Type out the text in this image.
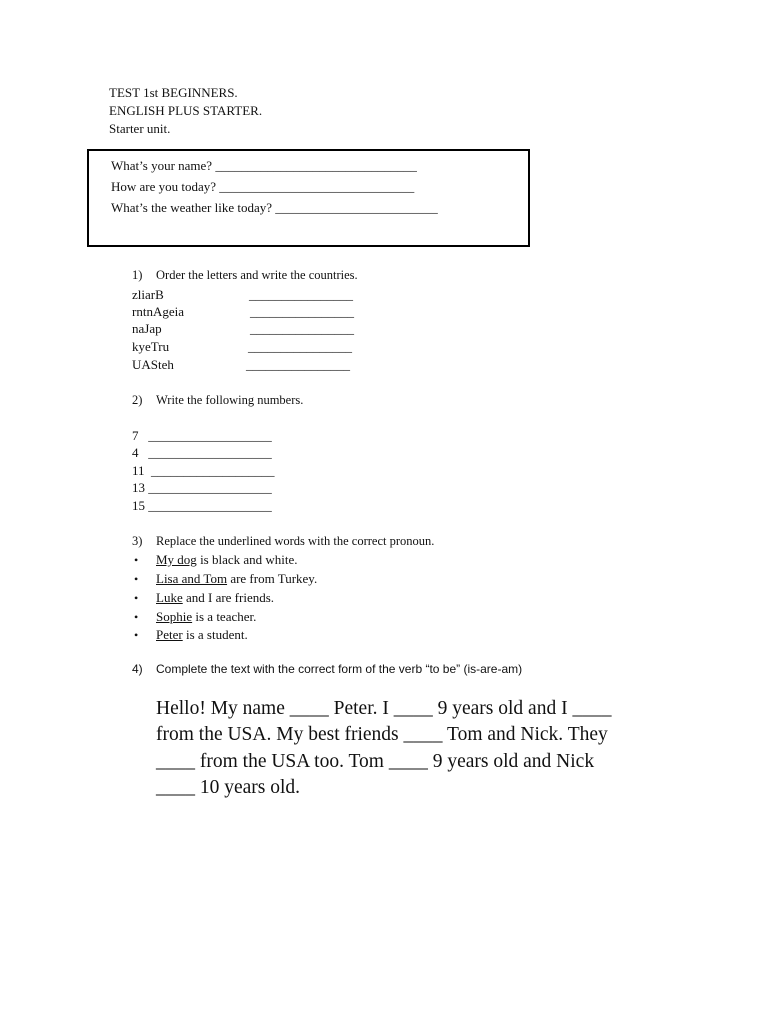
TEST 1st BEGINNERS.
ENGLISH PLUS STARTER.
Starter unit.
What’s your name? _______________________________
How are you today? ______________________________
What’s the weather like today? _________________________
1) Order the letters and write the countries.
zliarB	________________
rntnAgeia	________________
naJap	________________
kyeTru	________________
UASteh	________________
2) Write the following numbers.
7   ___________________
4   ___________________
11  ___________________
13 ___________________
15 ___________________
3) Replace the underlined words with the correct pronoun.
• My dog is black and white.
• Lisa and Tom are from Turkey.
• Luke and I are friends.
• Sophie is a teacher.
• Peter is a student.
4) Complete the text with the correct form of the verb “to be” (is-are-am)
Hello! My name ____ Peter. I ____ 9 years old and I ____
from the USA. My best friends ____ Tom and Nick. They
____ from the USA too. Tom ____ 9 years old and Nick
____ 10 years old.
